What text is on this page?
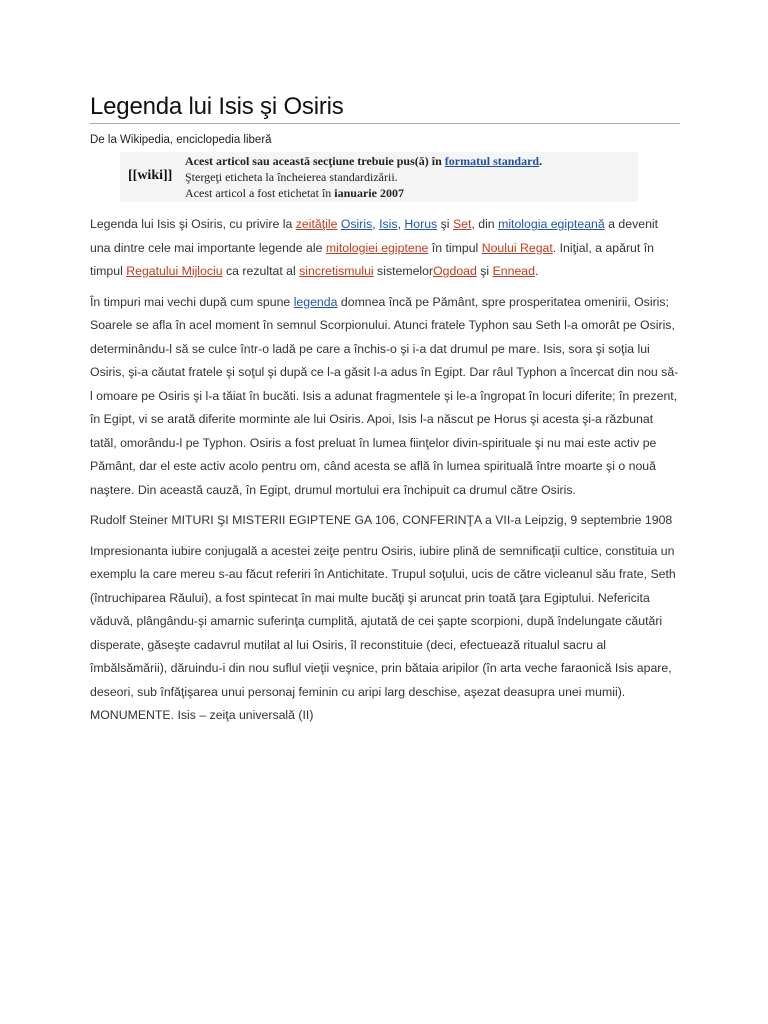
Legenda lui Isis şi Osiris
De la Wikipedia, enciclopedia liberă
[[wiki]]
Acest articol sau această secţiune trebuie pus(ă) în formatul standard.
Ştergeţi eticheta la încheierea standardizării.
Acest articol a fost etichetat în ianuarie 2007

Legenda lui Isis şi Osiris, cu privire la zeităţile Osiris, Isis, Horus şi Set, din mitologia egipteană a devenit una dintre cele mai importante legende ale mitologiei egiptene în timpul Noului Regat. Iniţial, a apărut în timpul Regatului Mijlociu ca rezultat al sincretismului sistemelorOgdoad şi Ennead.

În timpuri mai vechi după cum spune legenda domnea încă pe Pământ, spre prosperitatea omenirii, Osiris; Soarele se afla în acel moment în semnul Scorpionului. Atunci fratele Typhon sau Seth l-a omorât pe Osiris, determinându-l să se culce într-o ladă pe care a închis-o şi i-a dat drumul pe mare. Isis, sora şi soţia lui Osiris, şi-a căutat fratele şi soţul şi după ce l-a găsit l-a adus în Egipt. Dar râul Typhon a încercat din nou să-l omoare pe Osiris şi l-a tăiat în bucăti. Isis a adunat fragmentele şi le-a îngropat în locuri diferite; în prezent, în Egipt, vi se arată diferite morminte ale lui Osiris. Apoi, Isis l-a născut pe Horus şi acesta şi-a răzbunat tatăl, omorându-l pe Typhon. Osiris a fost preluat în lumea fiinţelor divin-spirituale şi nu mai este activ pe Pământ, dar el este activ acolo pentru om, când acesta se află în lumea spirituală între moarte şi o nouă naştere. Din această cauză, în Egipt, drumul mortului era închipuit ca drumul către Osiris.

Rudolf Steiner MITURI ŞI MISTERII EGIPTENE GA 106, CONFERINŢA a VII-a Leipzig, 9 septembrie 1908

Impresionanta iubire conjugală a acestei zeiţe pentru Osiris, iubire plină de semnificaţii cultice, constituia un exemplu la care mereu s-au făcut referiri în Antichitate. Trupul soţului, ucis de către vicleanul său frate, Seth (întruchiparea Răului), a fost spintecat în mai multe bucăţi şi aruncat prin toată ţara Egiptului. Nefericita văduvă, plângându-şi amarnic suferinţa cumplită, ajutată de cei şapte scorpioni, după îndelungate căutări disperate, găseşte cadavrul mutilat al lui Osiris, îl reconstituie (deci, efectuează ritualul sacru al îmbălsămării), dăruindu-i din nou suflul vieţii veşnice, prin bătaia aripilor (în arta veche faraonică Isis apare, deseori, sub înfăţişarea unui personaj feminin cu aripi larg deschise, aşezat deasupra unei mumii). MONUMENTE. Isis – zeiţa universală (II)
